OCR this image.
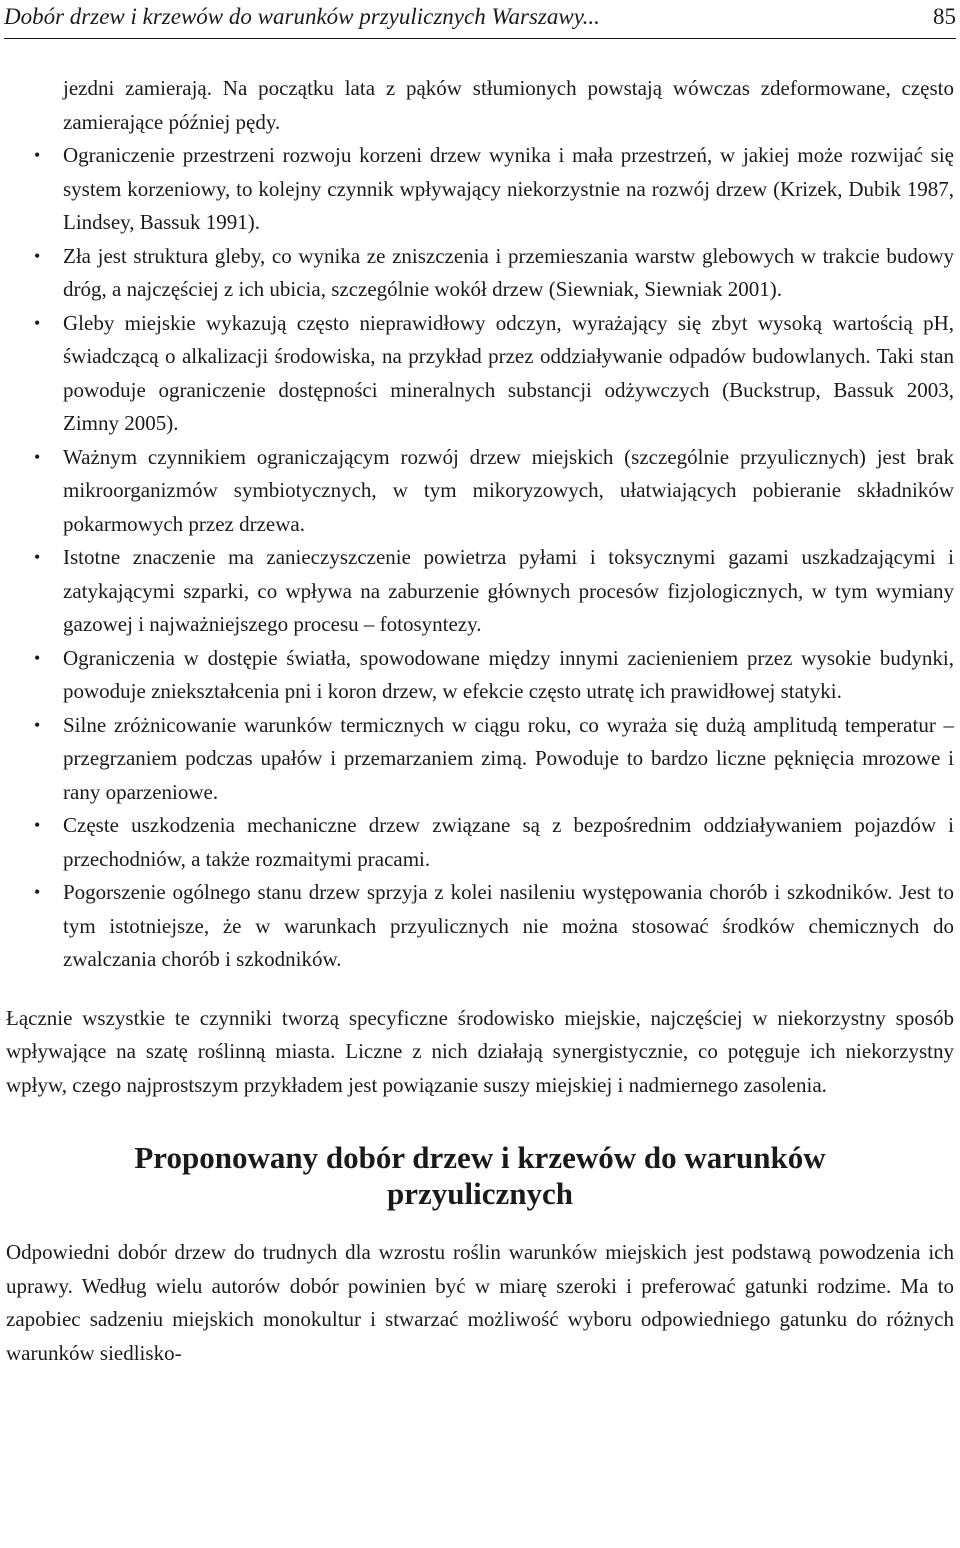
Dobór drzew i krzewów do warunków przyulicznych Warszawy...	85

jezdni zamierają. Na początku lata z pąków stłumionych powstają wówczas zdeformowane, często zamierające później pędy.

• Ograniczenie przestrzeni rozwoju korzeni drzew wynika i mała przestrzeń, w jakiej może rozwijać się system korzeniowy, to kolejny czynnik wpływający niekorzystnie na rozwój drzew (Krizek, Dubik 1987, Lindsey, Bassuk 1991).
• Zła jest struktura gleby, co wynika ze zniszczenia i przemieszania warstw glebowych w trakcie budowy dróg, a najczęściej z ich ubicia, szczególnie wokół drzew (Siewniak, Siewniak 2001).
• Gleby miejskie wykazują często nieprawidłowy odczyn, wyrażający się zbyt wysoką wartością pH, świadczącą o alkalizacji środowiska, na przykład przez oddziaływanie odpadów budowlanych. Taki stan powoduje ograniczenie dostępności mineralnych substancji odżywczych (Buckstrup, Bassuk 2003, Zimny 2005).
• Ważnym czynnikiem ograniczającym rozwój drzew miejskich (szczególnie przyulicznych) jest brak mikroorganizmów symbiotycznych, w tym mikoryzowych, ułatwiających pobieranie składników pokarmowych przez drzewa.
• Istotne znaczenie ma zanieczyszczenie powietrza pyłami i toksycznymi gazami uszkadzającymi i zatykającymi szparki, co wpływa na zaburzenie głównych procesów fizjologicznych, w tym wymiany gazowej i najważniejszego procesu – fotosyntezy.
• Ograniczenia w dostępie światła, spowodowane między innymi zacienieniem przez wysokie budynki, powoduje zniekształcenia pni i koron drzew, w efekcie często utratę ich prawidłowej statyki.
• Silne zróżnicowanie warunków termicznych w ciągu roku, co wyraża się dużą amplitudą temperatur – przegrzaniem podczas upałów i przemarzaniem zimą. Powoduje to bardzo liczne pęknięcia mrozowe i rany oparzeniowe.
• Częste uszkodzenia mechaniczne drzew związane są z bezpośrednim oddziaływaniem pojazdów i przechodniów, a także rozmaitymi pracami.
• Pogorszenie ogólnego stanu drzew sprzyja z kolei nasileniu występowania chorób i szkodników. Jest to tym istotniejsze, że w warunkach przyulicznych nie można stosować środków chemicznych do zwalczania chorób i szkodników.

Łącznie wszystkie te czynniki tworzą specyficzne środowisko miejskie, najczęściej w niekorzystny sposób wpływające na szatę roślinną miasta. Liczne z nich działają synergistycznie, co potęguje ich niekorzystny wpływ, czego najprostszym przykładem jest powiązanie suszy miejskiej i nadmiernego zasolenia.

Proponowany dobór drzew i krzewów do warunków przyulicznych

Odpowiedni dobór drzew do trudnych dla wzrostu roślin warunków miejskich jest podstawą powodzenia ich uprawy. Według wielu autorów dobór powinien być w miarę szeroki i preferować gatunki rodzime. Ma to zapobiec sadzeniu miejskich monokultur i stwarzać możliwość wyboru odpowiedniego gatunku do różnych warunków siedlisko-
